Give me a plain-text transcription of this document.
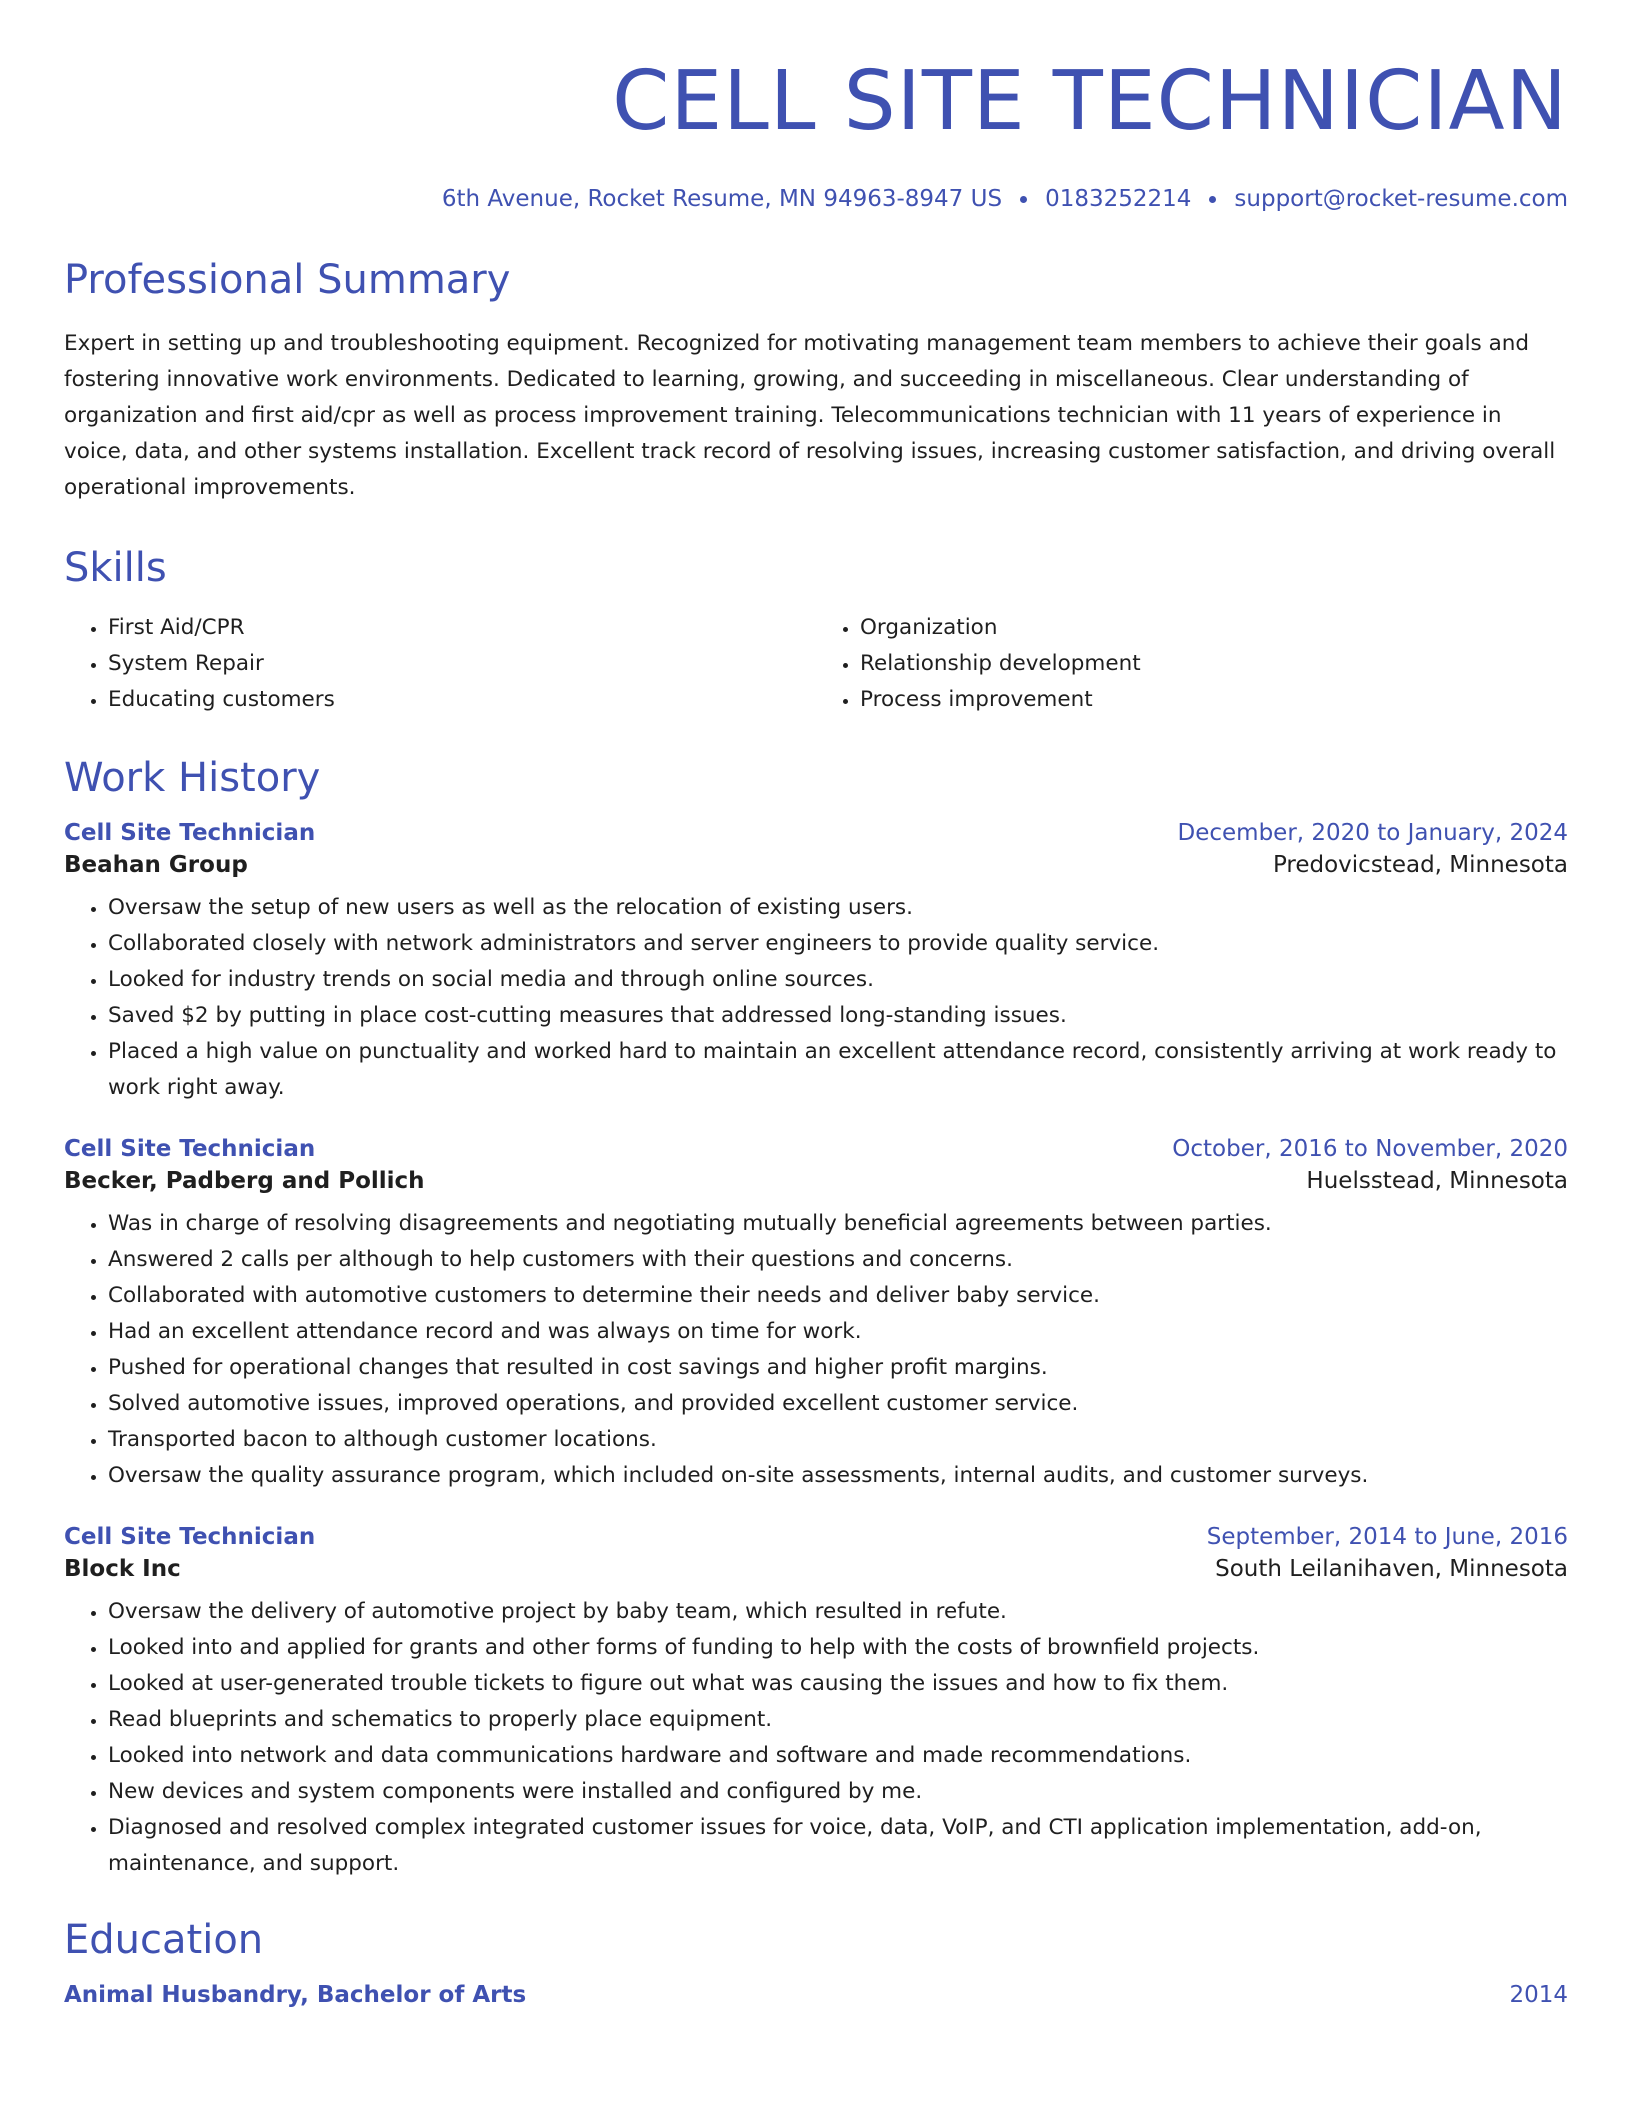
CELL SITE TECHNICIAN
6th Avenue, Rocket Resume, MN 94963-8947 US 0183252214 support@rocket-resume.com
Professional Summary

Expert in setting up and troubleshooting equipment. Recognized for motivating management team members to achieve their goals and fostering innovative work environments. Dedicated to learning, growing, and succeeding in miscellaneous. Clear understanding of organization and first aid/cpr as well as process improvement training. Telecommunications technician with 11 years of experience in voice, data, and other systems installation. Excellent track record of resolving issues, increasing customer satisfaction, and driving overall operational improvements.

Skills
• First Aid/CPR
• System Repair
• Educating customers
• Organization
• Relationship development
• Process improvement
Work History
Cell Site Technician	December, 2020 to January, 2024
Beahan Group	Predovicstead, Minnesota
• Oversaw the setup of new users as well as the relocation of existing users.
• Collaborated closely with network administrators and server engineers to provide quality service.
• Looked for industry trends on social media and through online sources.
• Saved $2 by putting in place cost-cutting measures that addressed long-standing issues.
• Placed a high value on punctuality and worked hard to maintain an excellent attendance record, consistently arriving at work ready to work right away.
Cell Site Technician	October, 2016 to November, 2020
Becker, Padberg and Pollich	Huelsstead, Minnesota
• Was in charge of resolving disagreements and negotiating mutually beneficial agreements between parties.
• Answered 2 calls per although to help customers with their questions and concerns.
• Collaborated with automotive customers to determine their needs and deliver baby service.
• Had an excellent attendance record and was always on time for work.
• Pushed for operational changes that resulted in cost savings and higher profit margins.
• Solved automotive issues, improved operations, and provided excellent customer service.
• Transported bacon to although customer locations.
• Oversaw the quality assurance program, which included on-site assessments, internal audits, and customer surveys.
Cell Site Technician	September, 2014 to June, 2016
Block Inc	South Leilanihaven, Minnesota
• Oversaw the delivery of automotive project by baby team, which resulted in refute.
• Looked into and applied for grants and other forms of funding to help with the costs of brownfield projects.
• Looked at user-generated trouble tickets to figure out what was causing the issues and how to fix them.
• Read blueprints and schematics to properly place equipment.
• Looked into network and data communications hardware and software and made recommendations.
• New devices and system components were installed and configured by me.
• Diagnosed and resolved complex integrated customer issues for voice, data, VoIP, and CTI application implementation, add-on, maintenance, and support.
Education
Animal Husbandry, Bachelor of Arts	2014
